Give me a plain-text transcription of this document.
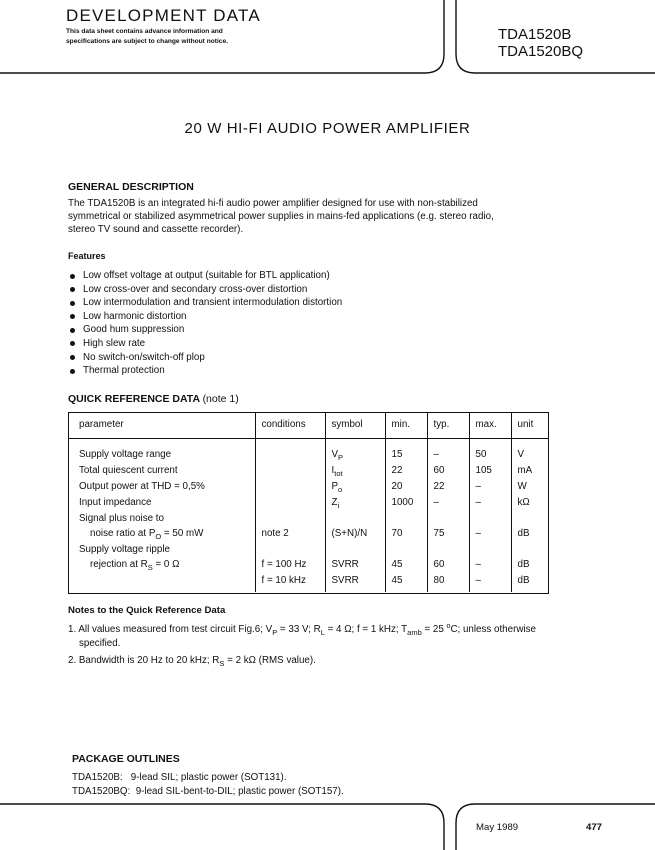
DEVELOPMENT DATA
This data sheet contains advance information and
specifications are subject to change without notice.	TDA1520B
TDA1520BQ
20 W HI-FI AUDIO POWER AMPLIFIER
GENERAL DESCRIPTION
The TDA1520B is an integrated hi-fi audio power amplifier designed for use with non-stabilized
symmetrical or stabilized asymmetrical power supplies in mains-fed applications (e.g. stereo radio,
stereo TV sound and cassette recorder).
Features
Low offset voltage at output (suitable for BTL application)
Low cross-over and secondary cross-over distortion
Low intermodulation and transient intermodulation distortion
Low harmonic distortion
Good hum suppression
High slew rate
No switch-on/switch-off plop
Thermal protection
QUICK REFERENCE DATA (note 1)
parameter	conditions	symbol	min.	typ.	max.	unit
Supply voltage range		$V_P$	15	–	50	V
Total quiescent current		$I_{tot}$	22	60	105	mA
Output power at THD = 0,5%		$P_o$	20	22	–	W
Input impedance		$Z_i$	1000	–	–	kΩ

Signal plus noise to
noise ratio at $P_O = 50$ mW	note 2	(S+N)/N	70	75	–	dB

Supply voltage ripple
rejection at $R_S = 0$ Ω	f = 100 Hz	SVRR	45	60	–	dB
	f = 10 kHz	SVRR	45	80	–	dB
Notes to the Quick Reference Data
1. All values measured from test circuit Fig.6; $V_P = 33$ V; $R_L = 4$ Ω; f = 1 kHz; $T_{amb} = 25$ $^o$C; unless otherwise specified.
2. Bandwidth is 20 Hz to 20 kHz; $R_S = 2$ kΩ (RMS value).
PACKAGE OUTLINES
TDA1520B:   9-lead SIL; plastic power (SOT131).
TDA1520BQ:  9-lead SIL-bent-to-DIL; plastic power (SOT157).
May 1989	477
